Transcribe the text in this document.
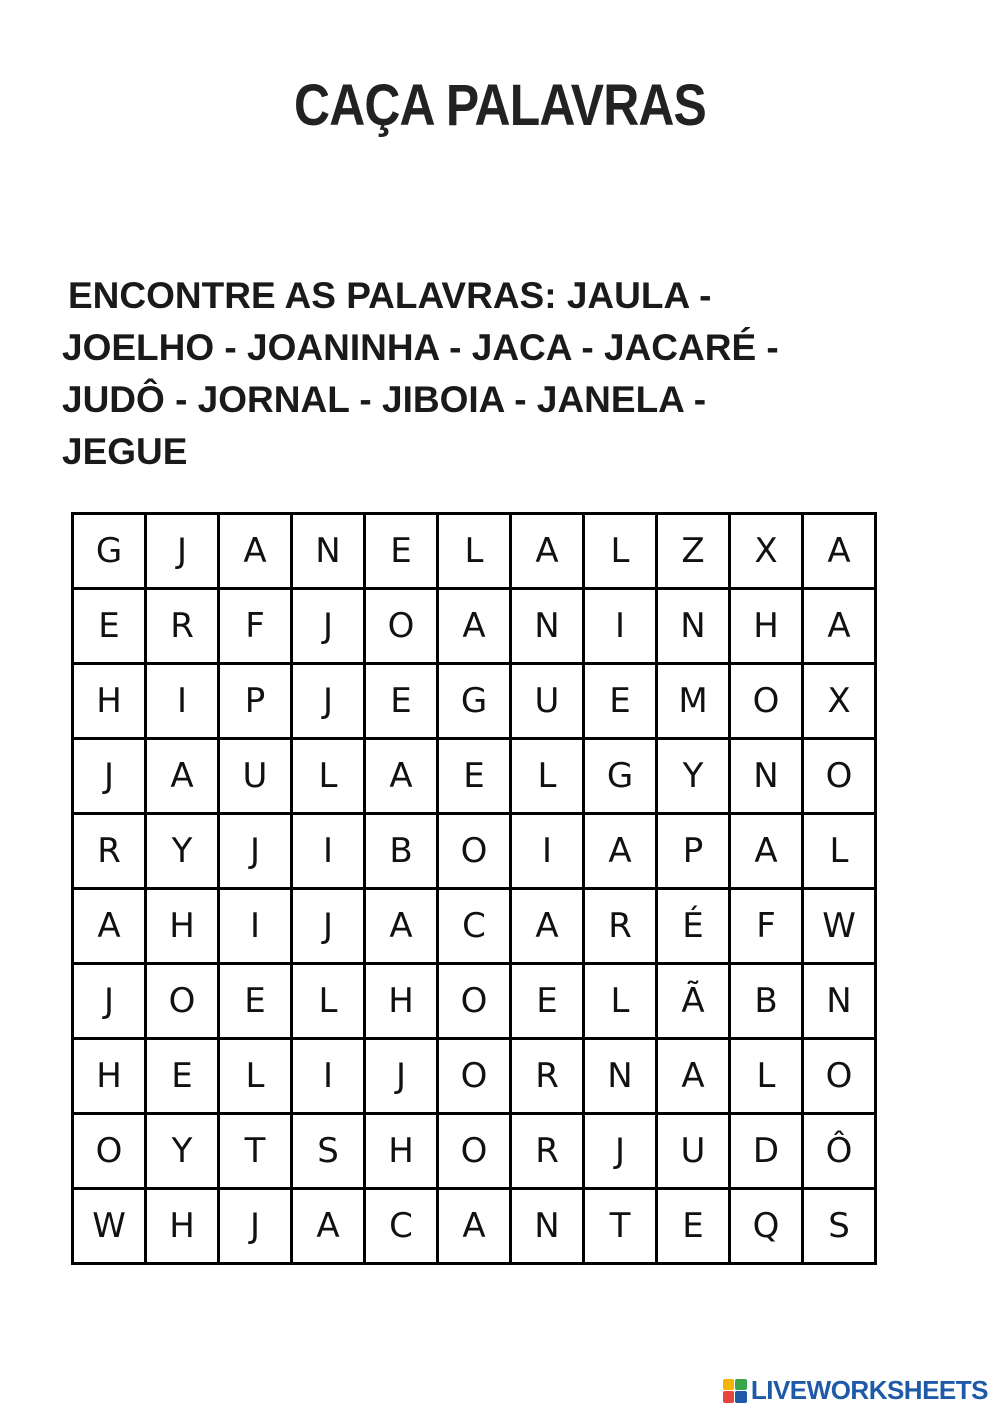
CAÇA PALAVRAS
ENCONTRE AS PALAVRAS: JAULA -
JOELHO - JOANINHA - JACA - JACARÉ -
JUDÔ - JORNAL - JIBOIA - JANELA -
JEGUE
G	J	A	N	E	L	A	L	Z	X	A
E	R	F	J	O	A	N	I	N	H	A
H	I	P	J	E	G	U	E	M	O	X
J	A	U	L	A	E	L	G	Y	N	O
R	Y	J	I	B	O	I	A	P	A	L
A	H	I	J	A	C	A	R	É	F	W
J	O	E	L	H	O	E	L	Ã	B	N
H	E	L	I	J	O	R	N	A	L	O
O	Y	T	S	H	O	R	J	U	D	Ô
W	H	J	A	C	A	N	T	E	Q	S
LIVEWORKSHEETS
